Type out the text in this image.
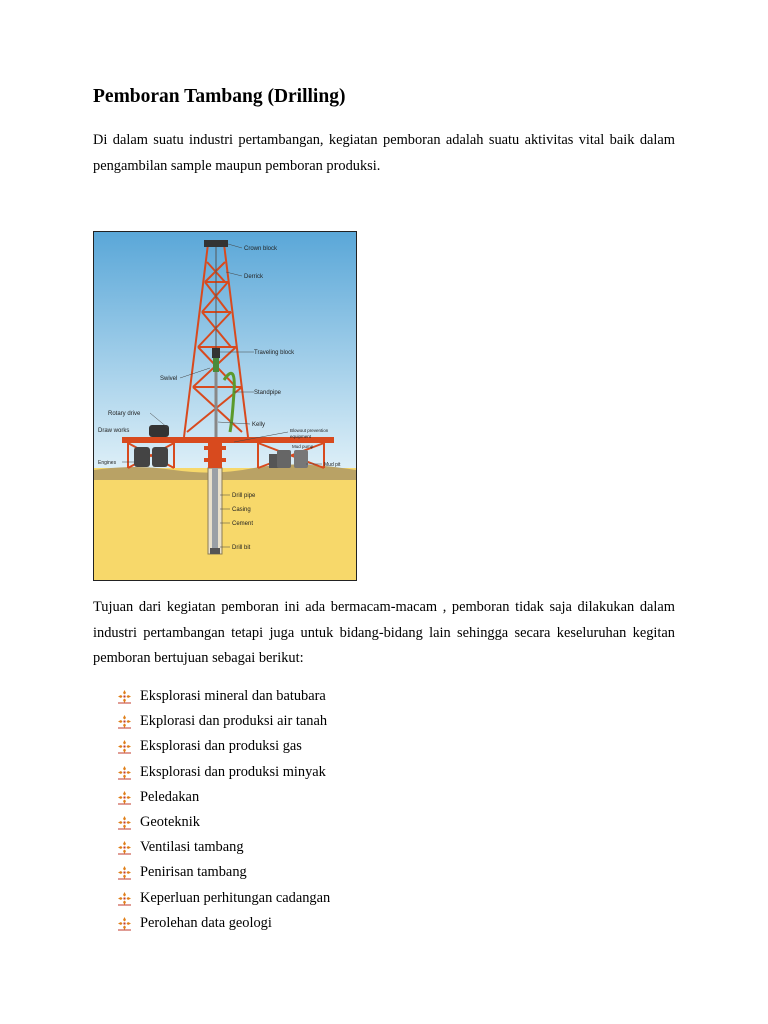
Pemboran Tambang (Drilling)

Di dalam suatu industri pertambangan, kegiatan pemboran adalah suatu aktivitas vital baik dalam pengambilan sample maupun pemboran produksi.

Crown block
Derrick
Traveling block
Swivel
Standpipe
Rotary drive
Draw works
Kelly
Blowout prevention
equipment
Mud pump
Engines	Mud pit
Drill pipe
Casing
Cement
Drill bit

Tujuan dari kegiatan pemboran ini ada bermacam-macam , pemboran tidak saja dilakukan dalam industri pertambangan tetapi juga untuk bidang-bidang lain sehingga secara keseluruhan kegitan pemboran bertujuan sebagai berikut:

Eksplorasi mineral dan batubara
Ekplorasi dan produksi air tanah
Eksplorasi dan produksi gas
Eksplorasi dan produksi minyak
Peledakan
Geoteknik
Ventilasi tambang
Penirisan tambang
Keperluan perhitungan cadangan
Perolehan data geologi
